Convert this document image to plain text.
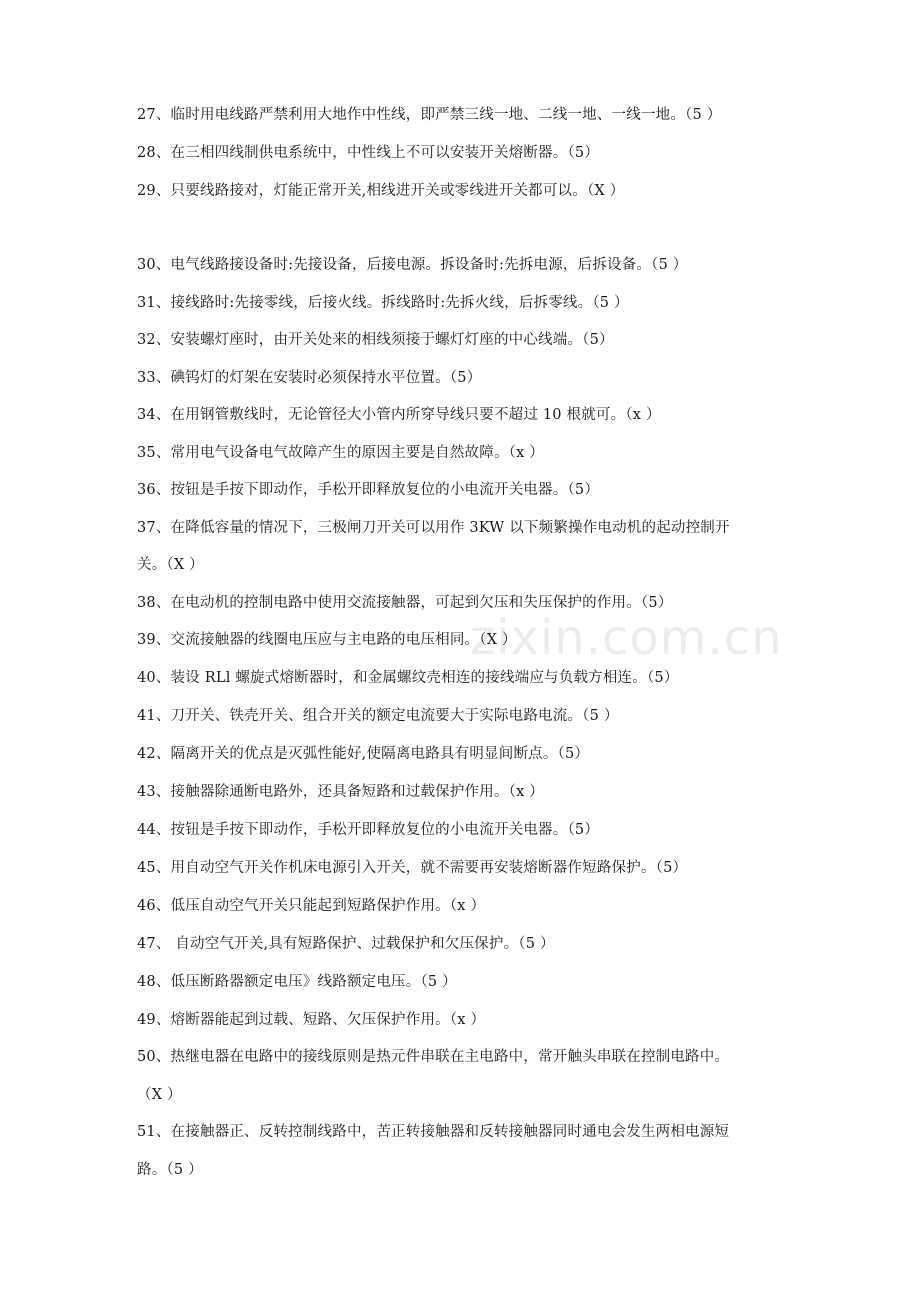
zixin.com.cn
27、临时用电线路严禁利用大地作中性线，即严禁三线一地、二线一地、一线一地。（5 ）
28、在三相四线制供电系统中，中性线上不可以安装开关熔断器。（5）
29、只要线路接对，灯能正常开关,相线进开关或零线进开关都可以。（X ）
30、电气线路接设备时:先接设备，后接电源。拆设备时:先拆电源，后拆设备。（5 ）
31、接线路时:先接零线，后接火线。拆线路时:先拆火线，后拆零线。（5 ）
32、安装螺灯座时，由开关处来的相线须接于螺灯灯座的中心线端。（5）
33、碘钨灯的灯架在安装时必须保持水平位置。（5）
34、在用钢管敷线时，无论管径大小管内所穿导线只要不超过 10 根就可。（x ）
35、常用电气设备电气故障产生的原因主要是自然故障。（x ）
36、按钮是手按下即动作，手松开即释放复位的小电流开关电器。（5）
37、在降低容量的情况下，三极闸刀开关可以用作 3KW 以下频繁操作电动机的起动控制开
关。（X ）
38、在电动机的控制电路中使用交流接触器，可起到欠压和失压保护的作用。（5）
39、交流接触器的线圈电压应与主电路的电压相同。（X ）
40、装设 RLl 螺旋式熔断器时，和金属螺纹壳相连的接线端应与负载方相连。（5）
41、刀开关、铁壳开关、组合开关的额定电流要大于实际电路电流。（5 ）
42、隔离开关的优点是灭弧性能好,使隔离电路具有明显间断点。（5）
43、接触器除通断电路外，还具备短路和过载保护作用。（x ）
44、按钮是手按下即动作，手松开即释放复位的小电流开关电器。（5）
45、用自动空气开关作机床电源引入开关，就不需要再安装熔断器作短路保护。（5）
46、低压自动空气开关只能起到短路保护作用。（x ）
47、 自动空气开关,具有短路保护、过载保护和欠压保护。（5 ）
48、低压断路器额定电压》线路额定电压。（5 ）
49、熔断器能起到过载、短路、欠压保护作用。（x ）
50、热继电器在电路中的接线原则是热元件串联在主电路中，常开触头串联在控制电路中。
（X ）
51、在接触器正、反转控制线路中，苦正转接触器和反转接触器同时通电会发生两相电源短
路。（5 ）
